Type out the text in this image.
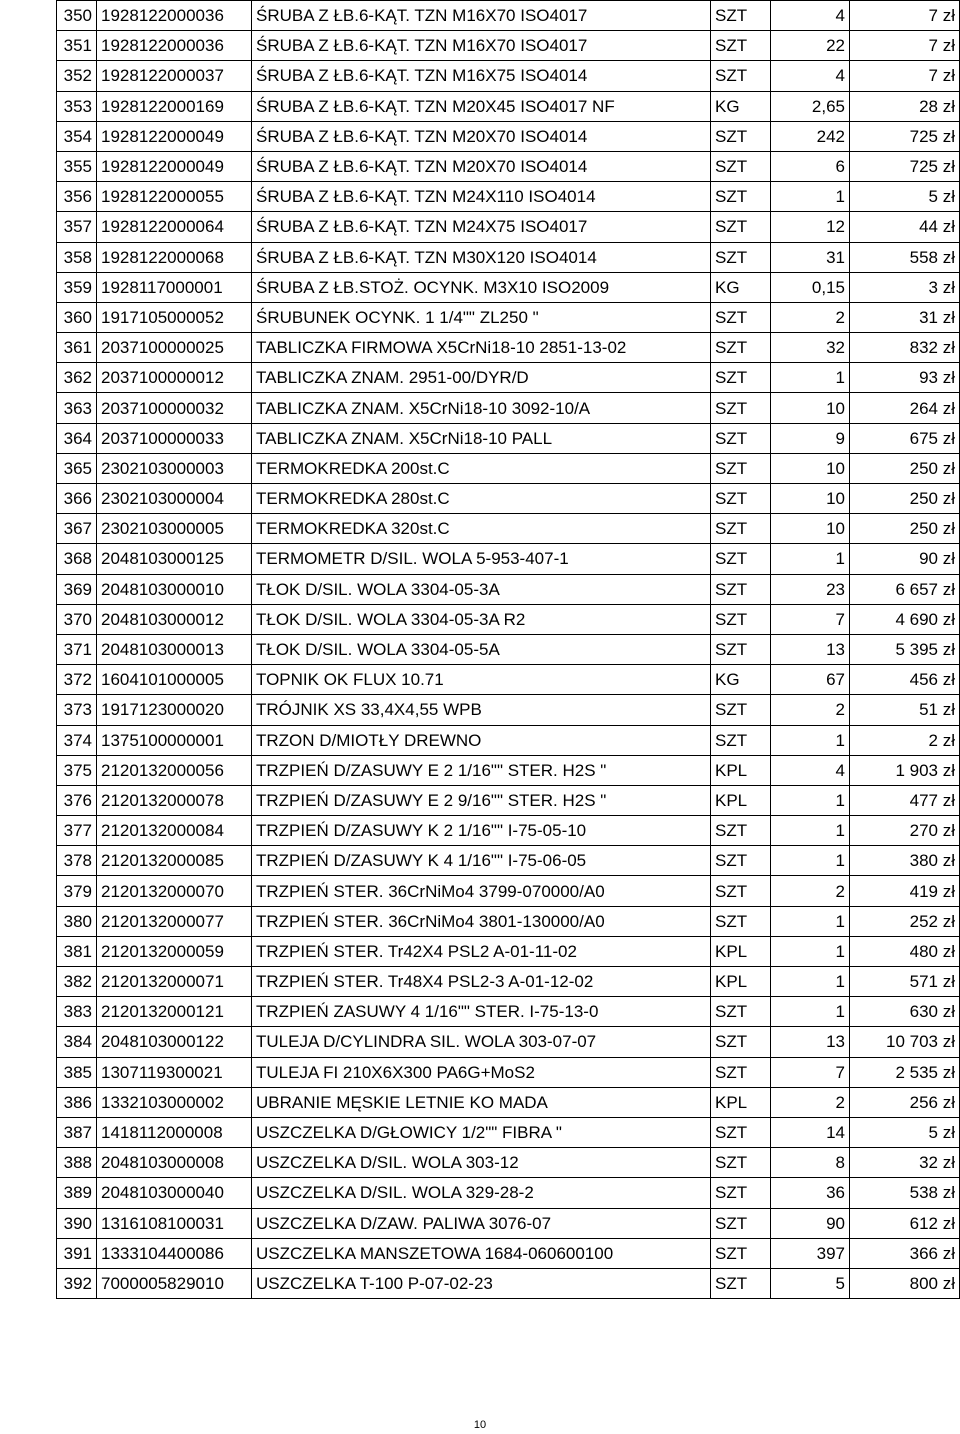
350	1928122000036	ŚRUBA Z ŁB.6-KĄT. TZN M16X70 ISO4017	SZT	4	7 zł
351	1928122000036	ŚRUBA Z ŁB.6-KĄT. TZN M16X70 ISO4017	SZT	22	7 zł
352	1928122000037	ŚRUBA Z ŁB.6-KĄT. TZN M16X75 ISO4014	SZT	4	7 zł
353	1928122000169	ŚRUBA Z ŁB.6-KĄT. TZN M20X45 ISO4017 NF	KG	2,65	28 zł
354	1928122000049	ŚRUBA Z ŁB.6-KĄT. TZN M20X70 ISO4014	SZT	242	725 zł
355	1928122000049	ŚRUBA Z ŁB.6-KĄT. TZN M20X70 ISO4014	SZT	6	725 zł
356	1928122000055	ŚRUBA Z ŁB.6-KĄT. TZN M24X110 ISO4014	SZT	1	5 zł
357	1928122000064	ŚRUBA Z ŁB.6-KĄT. TZN M24X75 ISO4017	SZT	12	44 zł
358	1928122000068	ŚRUBA Z ŁB.6-KĄT. TZN M30X120 ISO4014	SZT	31	558 zł
359	1928117000001	ŚRUBA Z ŁB.STOŻ. OCYNK. M3X10 ISO2009	KG	0,15	3 zł
360	1917105000052	ŚRUBUNEK OCYNK. 1 1/4"" ZL250 "	SZT	2	31 zł
361	2037100000025	TABLICZKA FIRMOWA X5CrNi18-10 2851-13-02	SZT	32	832 zł
362	2037100000012	TABLICZKA ZNAM. 2951-00/DYR/D	SZT	1	93 zł
363	2037100000032	TABLICZKA ZNAM. X5CrNi18-10 3092-10/A	SZT	10	264 zł
364	2037100000033	TABLICZKA ZNAM. X5CrNi18-10 PALL	SZT	9	675 zł
365	2302103000003	TERMOKREDKA 200st.C	SZT	10	250 zł
366	2302103000004	TERMOKREDKA 280st.C	SZT	10	250 zł
367	2302103000005	TERMOKREDKA 320st.C	SZT	10	250 zł
368	2048103000125	TERMOMETR D/SIL. WOLA 5-953-407-1	SZT	1	90 zł
369	2048103000010	TŁOK D/SIL. WOLA 3304-05-3A	SZT	23	6 657 zł
370	2048103000012	TŁOK D/SIL. WOLA 3304-05-3A R2	SZT	7	4 690 zł
371	2048103000013	TŁOK D/SIL. WOLA 3304-05-5A	SZT	13	5 395 zł
372	1604101000005	TOPNIK OK FLUX 10.71	KG	67	456 zł
373	1917123000020	TRÓJNIK XS 33,4X4,55 WPB	SZT	2	51 zł
374	1375100000001	TRZON D/MIOTŁY DREWNO	SZT	1	2 zł
375	2120132000056	TRZPIEŃ D/ZASUWY E 2 1/16"" STER. H2S "	KPL	4	1 903 zł
376	2120132000078	TRZPIEŃ D/ZASUWY E 2 9/16"" STER. H2S "	KPL	1	477 zł
377	2120132000084	TRZPIEŃ D/ZASUWY K 2 1/16"" I-75-05-10	SZT	1	270 zł
378	2120132000085	TRZPIEŃ D/ZASUWY K 4 1/16"" I-75-06-05	SZT	1	380 zł
379	2120132000070	TRZPIEŃ STER. 36CrNiMo4 3799-070000/A0	SZT	2	419 zł
380	2120132000077	TRZPIEŃ STER. 36CrNiMo4 3801-130000/A0	SZT	1	252 zł
381	2120132000059	TRZPIEŃ STER. Tr42X4 PSL2 A-01-11-02	KPL	1	480 zł
382	2120132000071	TRZPIEŃ STER. Tr48X4 PSL2-3 A-01-12-02	KPL	1	571 zł
383	2120132000121	TRZPIEŃ ZASUWY 4 1/16"" STER. I-75-13-0	SZT	1	630 zł
384	2048103000122	TULEJA D/CYLINDRA SIL. WOLA 303-07-07	SZT	13	10 703 zł
385	1307119300021	TULEJA FI 210X6X300 PA6G+MoS2	SZT	7	2 535 zł
386	1332103000002	UBRANIE MĘSKIE LETNIE KO MADA	KPL	2	256 zł
387	1418112000008	USZCZELKA D/GŁOWICY 1/2"" FIBRA "	SZT	14	5 zł
388	2048103000008	USZCZELKA D/SIL. WOLA 303-12	SZT	8	32 zł
389	2048103000040	USZCZELKA D/SIL. WOLA 329-28-2	SZT	36	538 zł
390	1316108100031	USZCZELKA D/ZAW. PALIWA 3076-07	SZT	90	612 zł
391	1333104400086	USZCZELKA MANSZETOWA 1684-060600100	SZT	397	366 zł
392	7000005829010	USZCZELKA T-100 P-07-02-23	SZT	5	800 zł
10
